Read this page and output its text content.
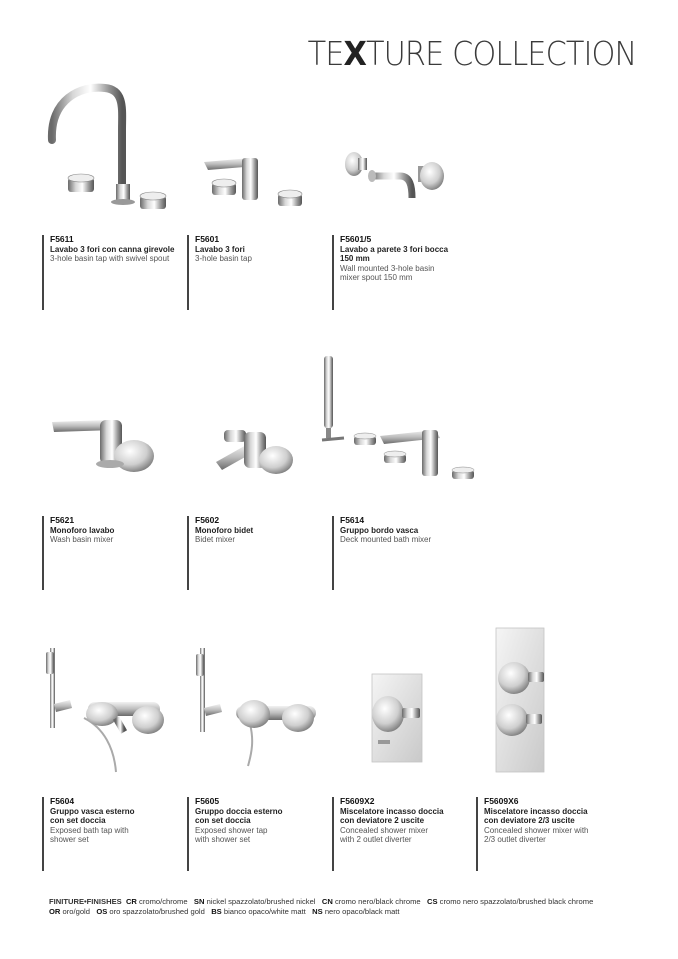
TEXTURE COLLECTION
F5611
Lavabo 3 fori con canna girevole
3-hole basin tap with swivel spout
F5601
Lavabo 3 fori
3-hole basin tap
F5601/5
Lavabo a parete 3 fori bocca 150 mm
Wall mounted 3-hole basin mixer spout 150 mm
F5621
Monoforo lavabo
Wash basin mixer
F5602
Monoforo bidet
Bidet mixer
F5614
Gruppo bordo vasca
Deck mounted bath mixer
F5604
Gruppo vasca esterno con set doccia
Exposed bath tap with shower set
F5605
Gruppo doccia esterno con set doccia
Exposed shower tap with shower set
F5609X2
Miscelatore incasso doccia con deviatore 2 uscite
Concealed shower mixer with 2 outlet diverter
F5609X6
Miscelatore incasso doccia con deviatore 2/3 uscite
Concealed shower mixer with 2/3 outlet diverter
FINITURE•FINISHES CR cromo/chrome SN nickel spazzolato/brushed nickel CN cromo nero/black chrome CS cromo nero spazzolato/brushed black chrome
OR oro/gold OS oro spazzolato/brushed gold BS bianco opaco/white matt NS nero opaco/black matt
